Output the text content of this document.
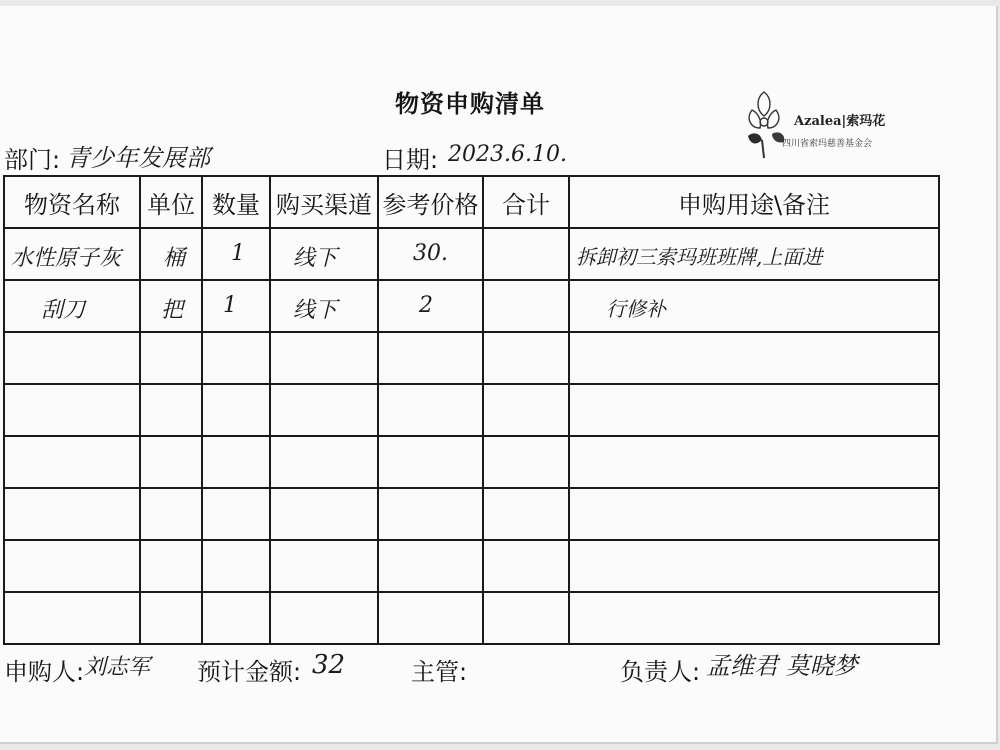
物资申购清单
部门: 青少年发展部	日期: 2023.6.10.
Azalea|索玛花
四川省索玛慈善基金会
物资名称	单位	数量	购买渠道	参考价格	合计	申购用途\备注

水性原子灰	桶	1	线下	30.		拆卸初三索玛班班牌,上面进

刮刀	把	1	线下	2		行修补

申购人: 刘志军 预计金额: 32	主管:	负责人: 孟维君 莫晓梦
